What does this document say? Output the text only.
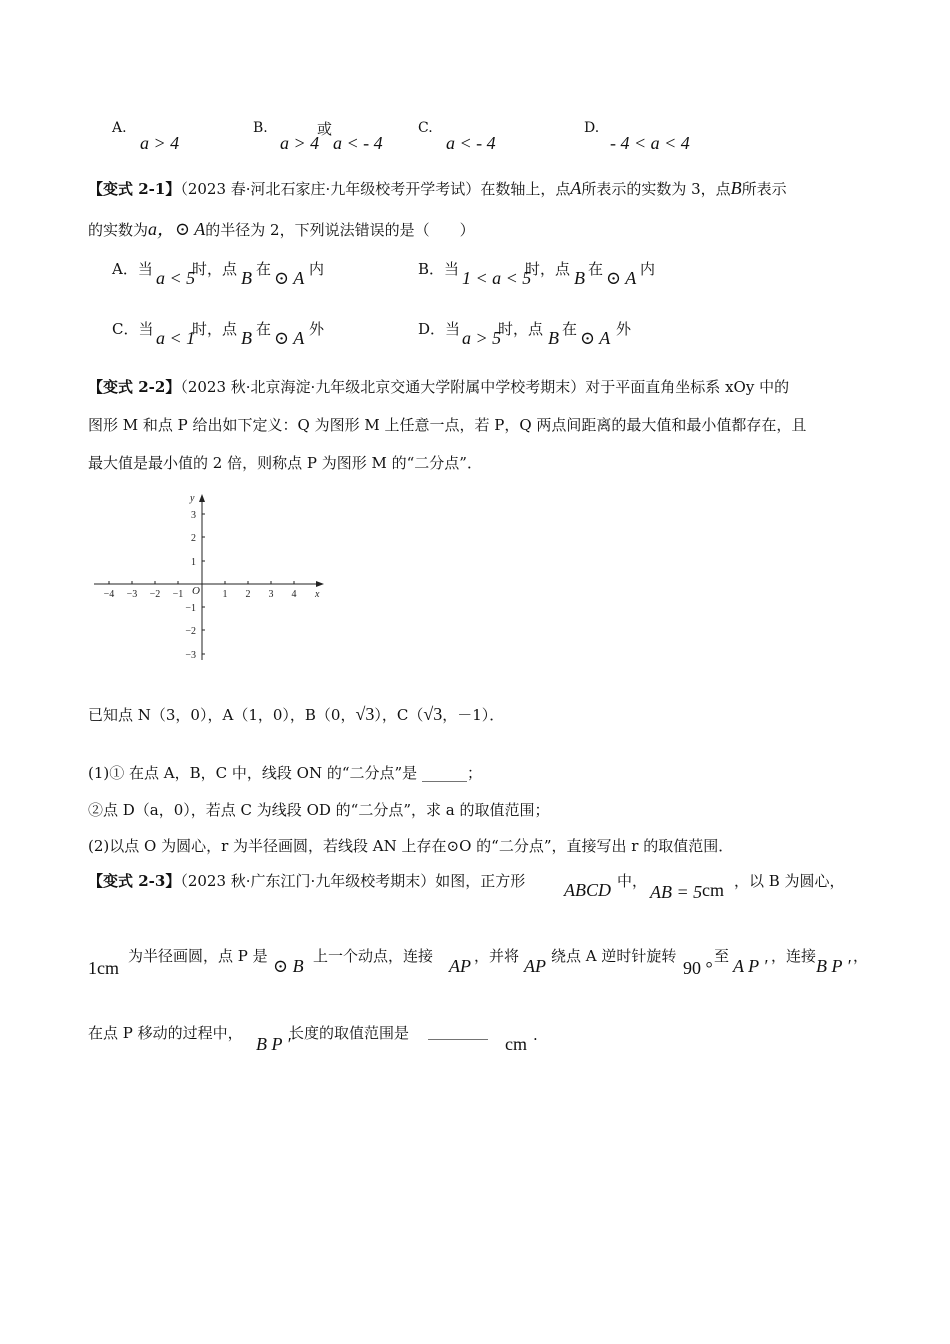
A.
a > 4
B.
a > 4
或
a < - 4
C.
a < - 4
D.
- 4 < a < 4
【变式 2-1】（2023 春·河北石家庄·九年级校考开学考试）在数轴上，点A所表示的实数为 3，点B所表示
的实数为a，⊙ A的半径为 2，下列说法错误的是（　　）
A．当 a < 5
时，点 B 在 ⊙ A 内	B．当 1 < a < 5
时，点 B 在 ⊙ A 内
C．当 a < 1
时，点 B 在 ⊙ A 外	D．当 a > 5
时，点 B 在 ⊙ A 外
【变式 2-2】（2023 秋·北京海淀·九年级北京交通大学附属中学校考期末）对于平面直角坐标系 xOy 中的
图形 M 和点 P 给出如下定义：Q 为图形 M 上任意一点，若 P，Q 两点间距离的最大值和最小值都存在，且
最大值是最小值的 2 倍，则称点 P 为图形 M 的“二分点”．
−4 −3 −2 −1	1 2 3 4
3
2
1
−1
−2
−3
O	x
y
已知点 N（3，0），A（1，0），B（0，√3），C（√3，－1）．
(1)① 在点 A，B，C 中，线段 ON 的“二分点”是 ______；
②点 D（a，0），若点 C 为线段 OD 的“二分点”，求 a 的取值范围；
(2)以点 O 为圆心，r 为半径画圆，若线段 AN 上存在⊙O 的“二分点”，直接写出 r 的取值范围．
【变式 2-3】（2023 秋·广东江门·九年级校考期末）如图，正方形 ABCD 中，
AB = 5 cm ，以 B 为圆心，
1cm
为半径画圆，点 P 是 ⊙ B 上一个动点，连接 AP ，并将 AP 绕点 A 逆时针旋转
90 °
至 A P ′ ，连接 B P ′ ，
在点 P 移动的过程中，
B P ′
长度的取值范围是 ________
cm .
